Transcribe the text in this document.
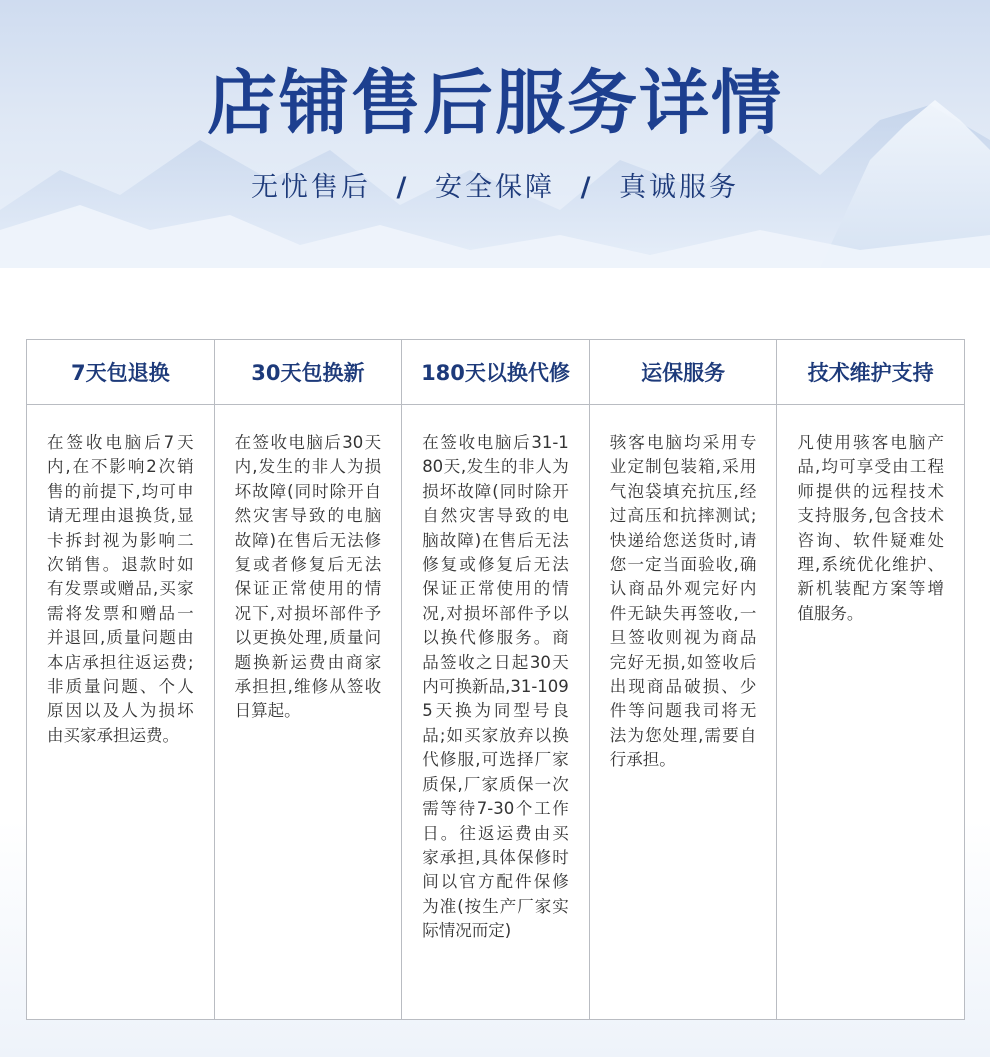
店铺售后服务详情
无忧售后 / 安全保障 / 真诚服务
7天包退换	30天包换新	180天以换代修	运保服务	技术维护支持
在签收电脑后7天内,在不影响2次销售的前提下,均可申请无理由退换货,显卡拆封视为影响二次销售。退款时如有发票或赠品,买家需将发票和赠品一并退回,质量问题由本店承担往返运费;非质量问题、个人原因以及人为损坏由买家承担运费。	在签收电脑后30天内,发生的非人为损坏故障(同时除开自然灾害导致的电脑故障)在售后无法修复或者修复后无法保证正常使用的情况下,对损坏部件予以更换处理,质量问题换新运费由商家承担担,维修从签收日算起。	在签收电脑后31-180天,发生的非人为损坏故障(同时除开自然灾害导致的电脑故障)在售后无法修复或修复后无法保证正常使用的情况,对损坏部件予以以换代修服务。商品签收之日起30天内可换新品,31-1095天换为同型号良品;如买家放弃以换代修服,可选择厂家质保,厂家质保一次需等待7-30个工作日。往返运费由买家承担,具体保修时间以官方配件保修为准(按生产厂家实际情况而定)	骇客电脑均采用专业定制包装箱,采用气泡袋填充抗压,经过高压和抗摔测试;快递给您送货时,请您一定当面验收,确认商品外观完好内件无缺失再签收,一旦签收则视为商品完好无损,如签收后出现商品破损、少件等问题我司将无法为您处理,需要自行承担。	凡使用骇客电脑产品,均可享受由工程师提供的远程技术支持服务,包含技术咨询、软件疑难处理,系统优化维护、新机装配方案等增值服务。
